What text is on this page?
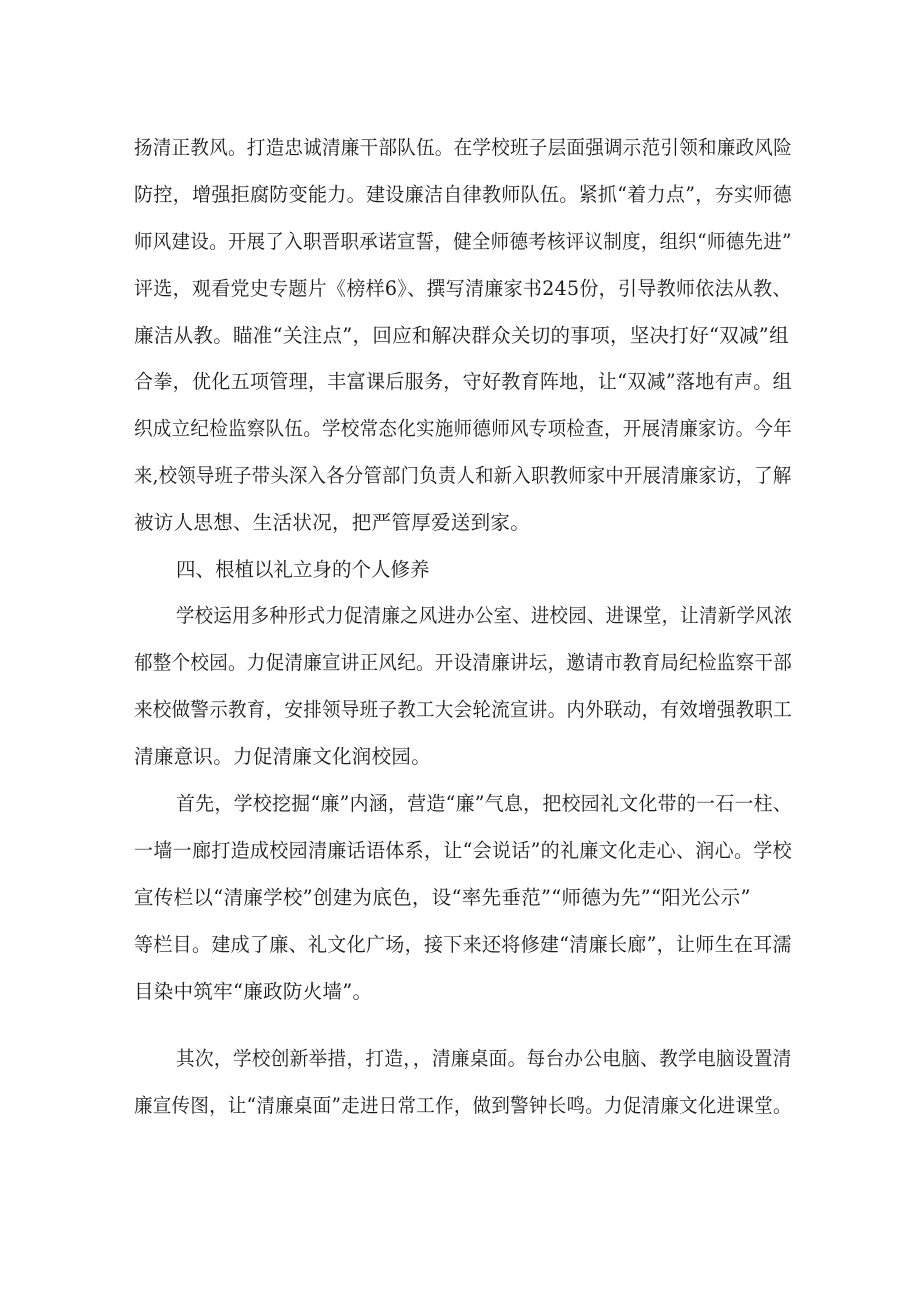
扬清正教风。打造忠诚清廉干部队伍。在学校班子层面强调示范引领和廉政风险
防控，增强拒腐防变能力。建设廉洁自律教师队伍。紧抓“着力点”，夯实师德
师风建设。开展了入职晋职承诺宣誓，健全师德考核评议制度，组织“师德先进”
评选，观看党史专题片《榜样6》、撰写清廉家书245份，引导教师依法从教、
廉洁从教。瞄准“关注点”，回应和解决群众关切的事项，坚决打好“双减”组
合拳，优化五项管理，丰富课后服务，守好教育阵地，让“双减”落地有声。组
织成立纪检监察队伍。学校常态化实施师德师风专项检查，开展清廉家访。今年
来,校领导班子带头深入各分管部门负责人和新入职教师家中开展清廉家访，了解
被访人思想、生活状况，把严管厚爱送到家。
四、根植以礼立身的个人修养
学校运用多种形式力促清廉之风进办公室、进校园、进课堂，让清新学风浓
郁整个校园。力促清廉宣讲正风纪。开设清廉讲坛，邀请市教育局纪检监察干部
来校做警示教育，安排领导班子教工大会轮流宣讲。内外联动，有效增强教职工
清廉意识。力促清廉文化润校园。
首先，学校挖掘“廉”内涵，营造“廉”气息，把校园礼文化带的一石一柱、
一墙一廊打造成校园清廉话语体系，让“会说话”的礼廉文化走心、润心。学校
宣传栏以“清廉学校”创建为底色，设“率先垂范”“师德为先”“阳光公示”
等栏目。建成了廉、礼文化广场，接下来还将修建“清廉长廊”，让师生在耳濡
目染中筑牢“廉政防火墙”。
其次，学校创新举措，打造，，清廉桌面。每台办公电脑、教学电脑设置清
廉宣传图，让“清廉桌面”走进日常工作，做到警钟长鸣。力促清廉文化进课堂。
